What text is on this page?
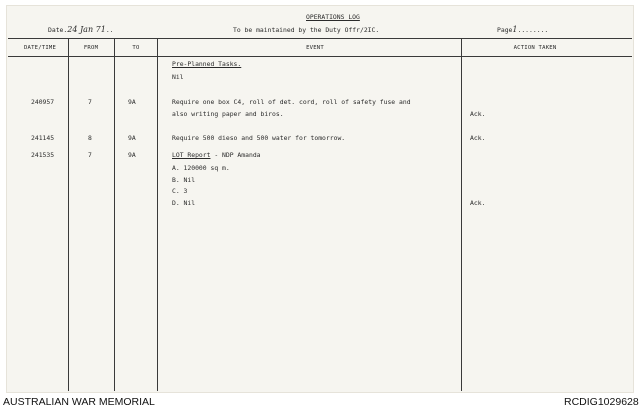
OPERATIONS LOG
Date.24 Jan 71..	To be maintained by the Duty Offr/2IC.	Page1........
DATE/TIME	FROM	TO	EVENT	ACTION TAKEN
Pre-Planned Tasks.
Nil
240957	7	9A	Require one box C4, roll of det. cord, roll of safety fuse and
also writing paper and biros.	Ack.
241145	8	9A	Require 500 dieso and 500 water for tomorrow.	Ack.
241535	7	9A	LOT Report - NDP Amanda
A. 120000 sq m.
B. Nil
C. 3
D. Nil	Ack.
AUSTRALIAN WAR MEMORIAL	RCDIG1029628
